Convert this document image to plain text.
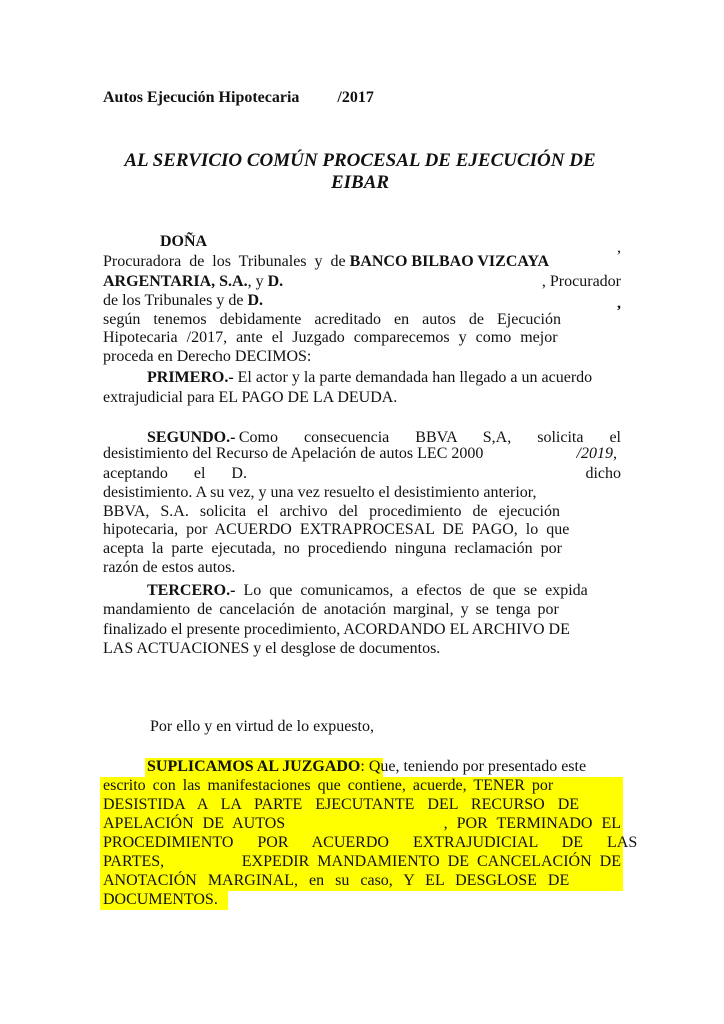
Autos Ejecución Hipotecaria /2017
AL SERVICIO COMÚN PROCESAL DE EJECUCIÓN DE
EIBAR
DOÑA	,
Procuradora de los Tribunales y de BANCO BILBAO VIZCAYA
ARGENTARIA, S.A., y D.	, Procurador
de los Tribunales y de D.	,
según tenemos debidamente acreditado en autos de Ejecución
Hipotecaria /2017, ante el Juzgado comparecemos y como mejor
proceda en Derecho DECIMOS:
PRIMERO.- El actor y la parte demandada han llegado a un acuerdo
extrajudicial para EL PAGO DE LA DEUDA.
SEGUNDO.- Como consecuencia BBVA S,A, solicita el
desistimiento del Recurso de Apelación de autos LEC 2000	/2019,
aceptando el D.	dicho
desistimiento. A su vez, y una vez resuelto el desistimiento anterior,
BBVA, S.A. solicita el archivo del procedimiento de ejecución
hipotecaria, por ACUERDO EXTRAPROCESAL DE PAGO, lo que
acepta la parte ejecutada, no procediendo ninguna reclamación por
razón de estos autos.
TERCERO.- Lo que comunicamos, a efectos de que se expida
mandamiento de cancelación de anotación marginal, y se tenga por
finalizado el presente procedimiento, ACORDANDO EL ARCHIVO DE
LAS ACTUACIONES y el desglose de documentos.
Por ello y en virtud de lo expuesto,
SUPLICAMOS AL JUZGADO: Que, teniendo por presentado este
escrito con las manifestaciones que contiene, acuerde, TENER por
DESISTIDA A LA PARTE EJECUTANTE DEL RECURSO DE
APELACIÓN DE AUTOS	, POR TERMINADO EL
PROCEDIMIENTO POR ACUERDO EXTRAJUDICIAL DE LAS
PARTES,	EXPEDIR MANDAMIENTO DE CANCELACIÓN DE
ANOTACIÓN MARGINAL, en su caso, Y EL DESGLOSE DE
DOCUMENTOS.
